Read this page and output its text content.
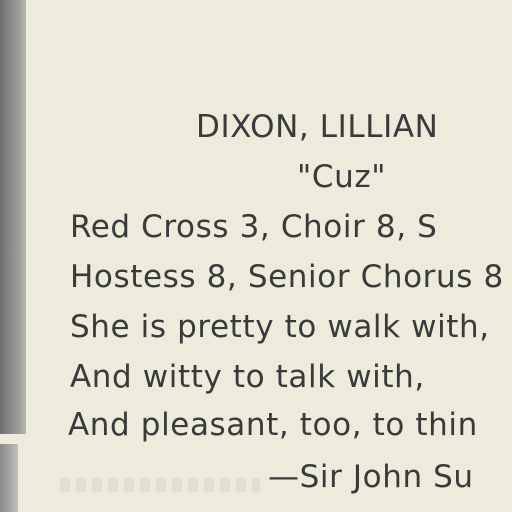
DIXON, LILLIAN
"Cuz"
Red Cross 3, Choir 8, S
Hostess 8, Senior Chorus 8
She is pretty to walk with,
And witty to talk with,
And pleasant, too, to thin
—Sir John Su
